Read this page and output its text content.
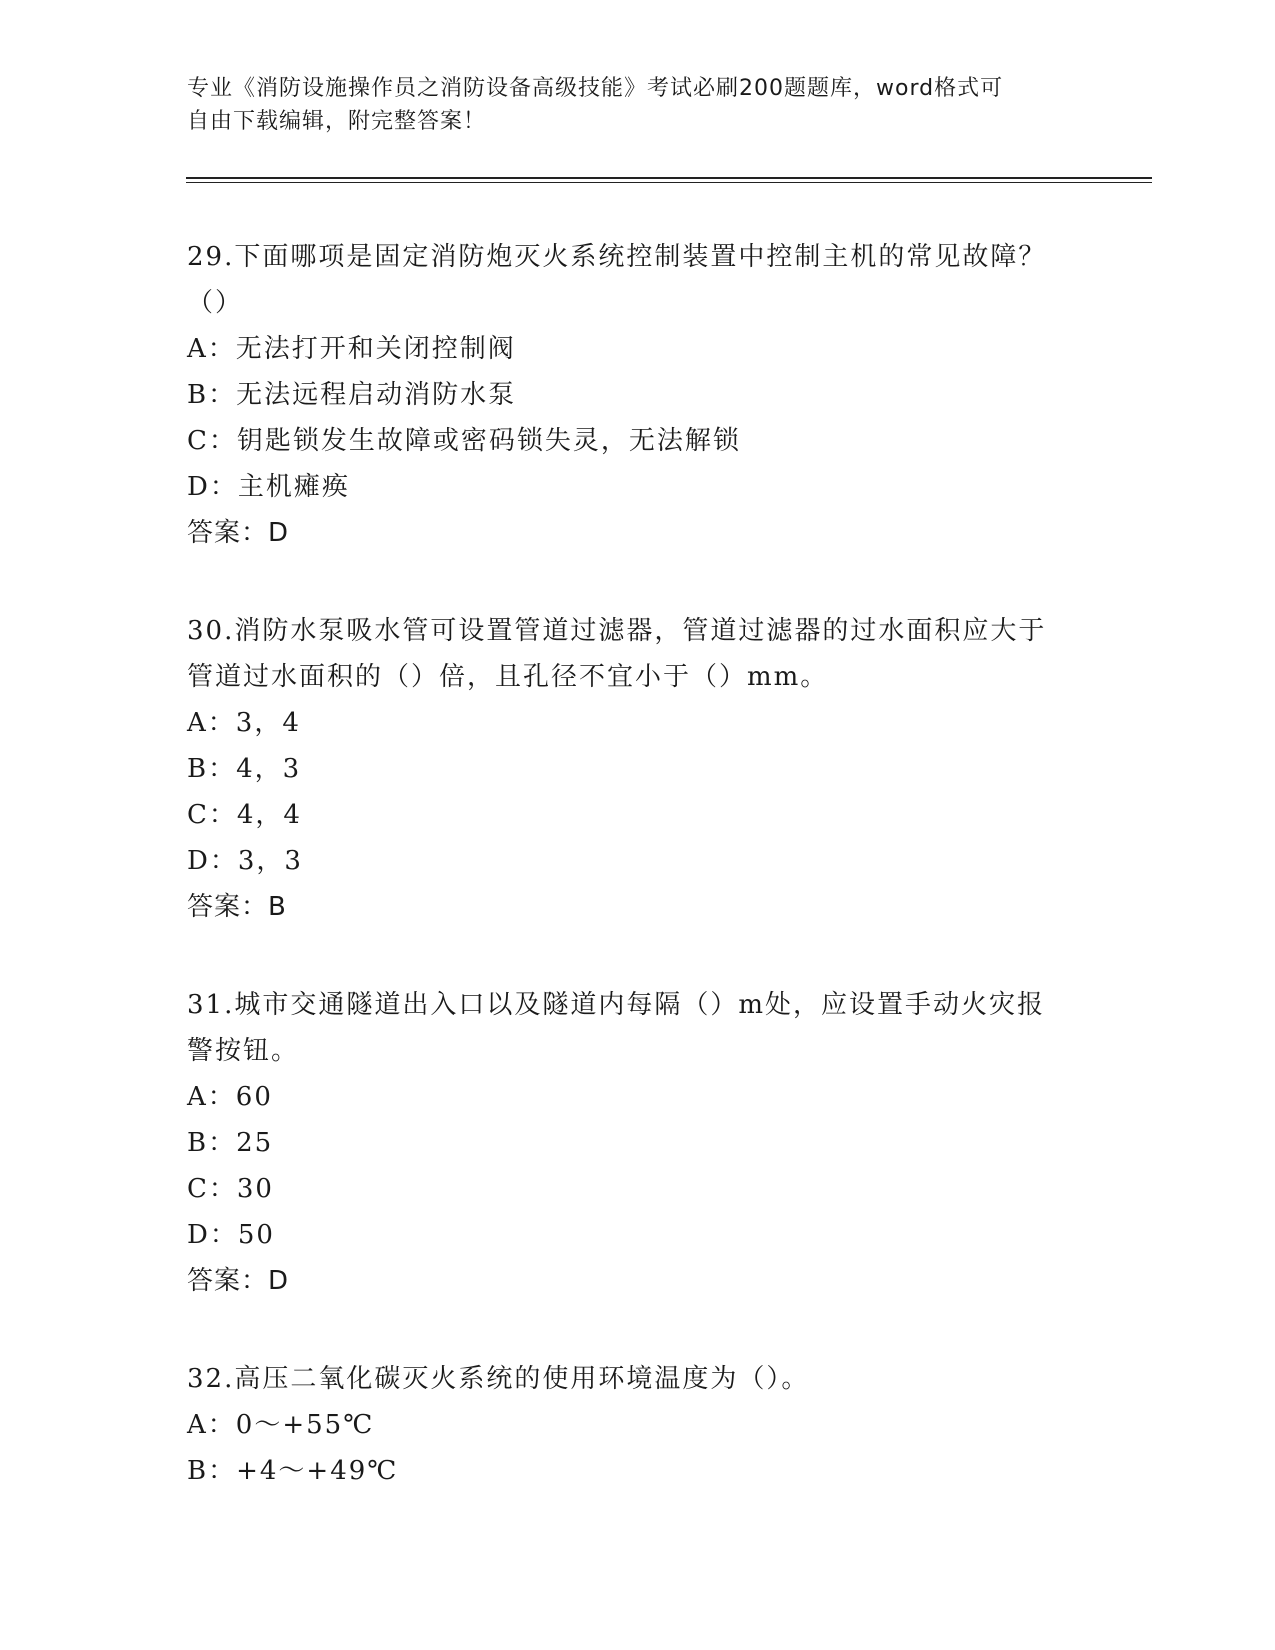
专业《消防设施操作员之消防设备高级技能》考试必刷200题题库，word格式可
自由下载编辑，附完整答案！
29.下面哪项是固定消防炮灭火系统控制装置中控制主机的常见故障？
（）
A：无法打开和关闭控制阀
B：无法远程启动消防水泵
C：钥匙锁发生故障或密码锁失灵，无法解锁
D：主机瘫痪
答案：D
30.消防水泵吸水管可设置管道过滤器，管道过滤器的过水面积应大于
管道过水面积的（）倍，且孔径不宜小于（）mm。
A：3，4
B：4，3
C：4，4
D：3，3
答案：B
31.城市交通隧道出入口以及隧道内每隔（）m处，应设置手动火灾报
警按钮。
A：60
B：25
C：30
D：50
答案：D
32.高压二氧化碳灭火系统的使用环境温度为（）。
A：0～+55℃
B：+4～+49℃
